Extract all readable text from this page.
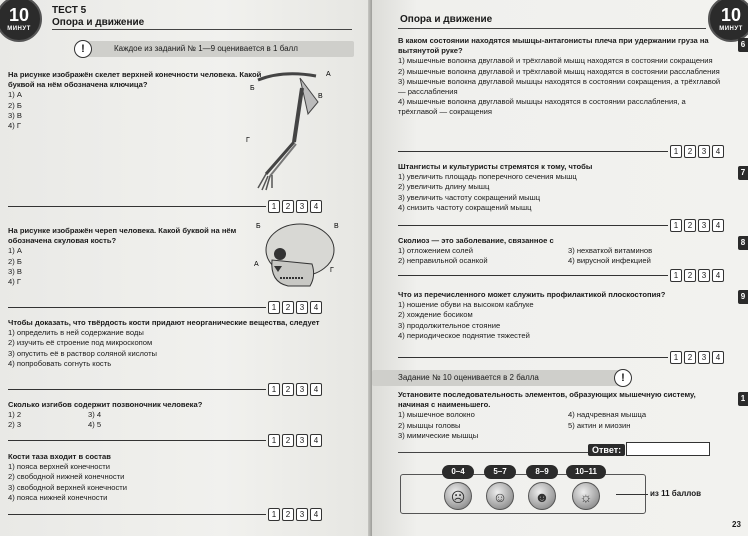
10
МИНУТ
ТЕСТ 5
Опора и движение
!	Каждое из заданий № 1—9 оценивается в 1 балл
На рисунке изображён скелет верхней конечности человека. Какой буквой на нём обозначена ключица?
1) А
2) Б
3) В
4) Г
А
Б
В
Г
1	2	3	4
На рисунке изображён череп человека. Какой буквой на нём обозначена скуловая кость?
1) А
2) Б
3) В
4) Г
Б	В
А
Г
1	2	3	4
Чтобы доказать, что твёрдость кости придают неорганические вещества, следует
1) определить в ней содержание воды
2) изучить её строение под микроскопом
3) опустить её в раствор соляной кислоты
4) попробовать согнуть кость
1	2	3	4
Сколько изгибов содержит позвоночник человека?
1) 2	3) 4
2) 3	4) 5
1	2	3	4
Кости таза входит в состав
1) пояса верхней конечности
2) свободной нижней конечности
3) свободной верхней конечности
4) пояса нижней конечности
1	2	3	4
Опора и движение	10
МИНУТ
В каком состоянии находятся мышцы-антагонисты плеча при удержании груза на вытянутой руке?
1) мышечные волокна двуглавой и трёхглавой мышц находятся в состоянии сокращения
2) мышечные волокна двуглавой и трёхглавой мышц находятся в состоянии расслабления
3) мышечные волокна двуглавой мышцы находятся в состоянии сокращения, а трёхглавой — расслабления
4) мышечные волокна двуглавой мышцы находятся в состоянии расслабления, а трёхглавой — сокращения
1	2	3	4
Штангисты и культуристы стремятся к тому, чтобы
1) увеличить площадь поперечного сечения мышц
2) увеличить длину мышц
3) увеличить частоту сокращений мышц
4) снизить частоту сокращений мышц
1	2	3	4
Сколиоз — это заболевание, связанное с
1) отложением солей	3) нехваткой витаминов
2) неправильной осанкой	4) вирусной инфекцией
1	2	3	4
Что из перечисленного может служить профилактикой плоскостопия?
1) ношение обуви на высоком каблуке
2) хождение босиком
3) продолжительное стояние
4) периодическое поднятие тяжестей
1	2	3	4
Задание № 10 оценивается в 2 балла	!
Установите последовательность элементов, образующих мышечную систему, начиная с наименьшего.
1) мышечное волокно	4) надчревная мышца
2) мышцы головы	5) актин и миозин
3) мимические мышцы
Ответ:
0–4	5–7	8–9	10–11
☹	☺	☻	☼	из 11 баллов
23
6
7
8
9
1
